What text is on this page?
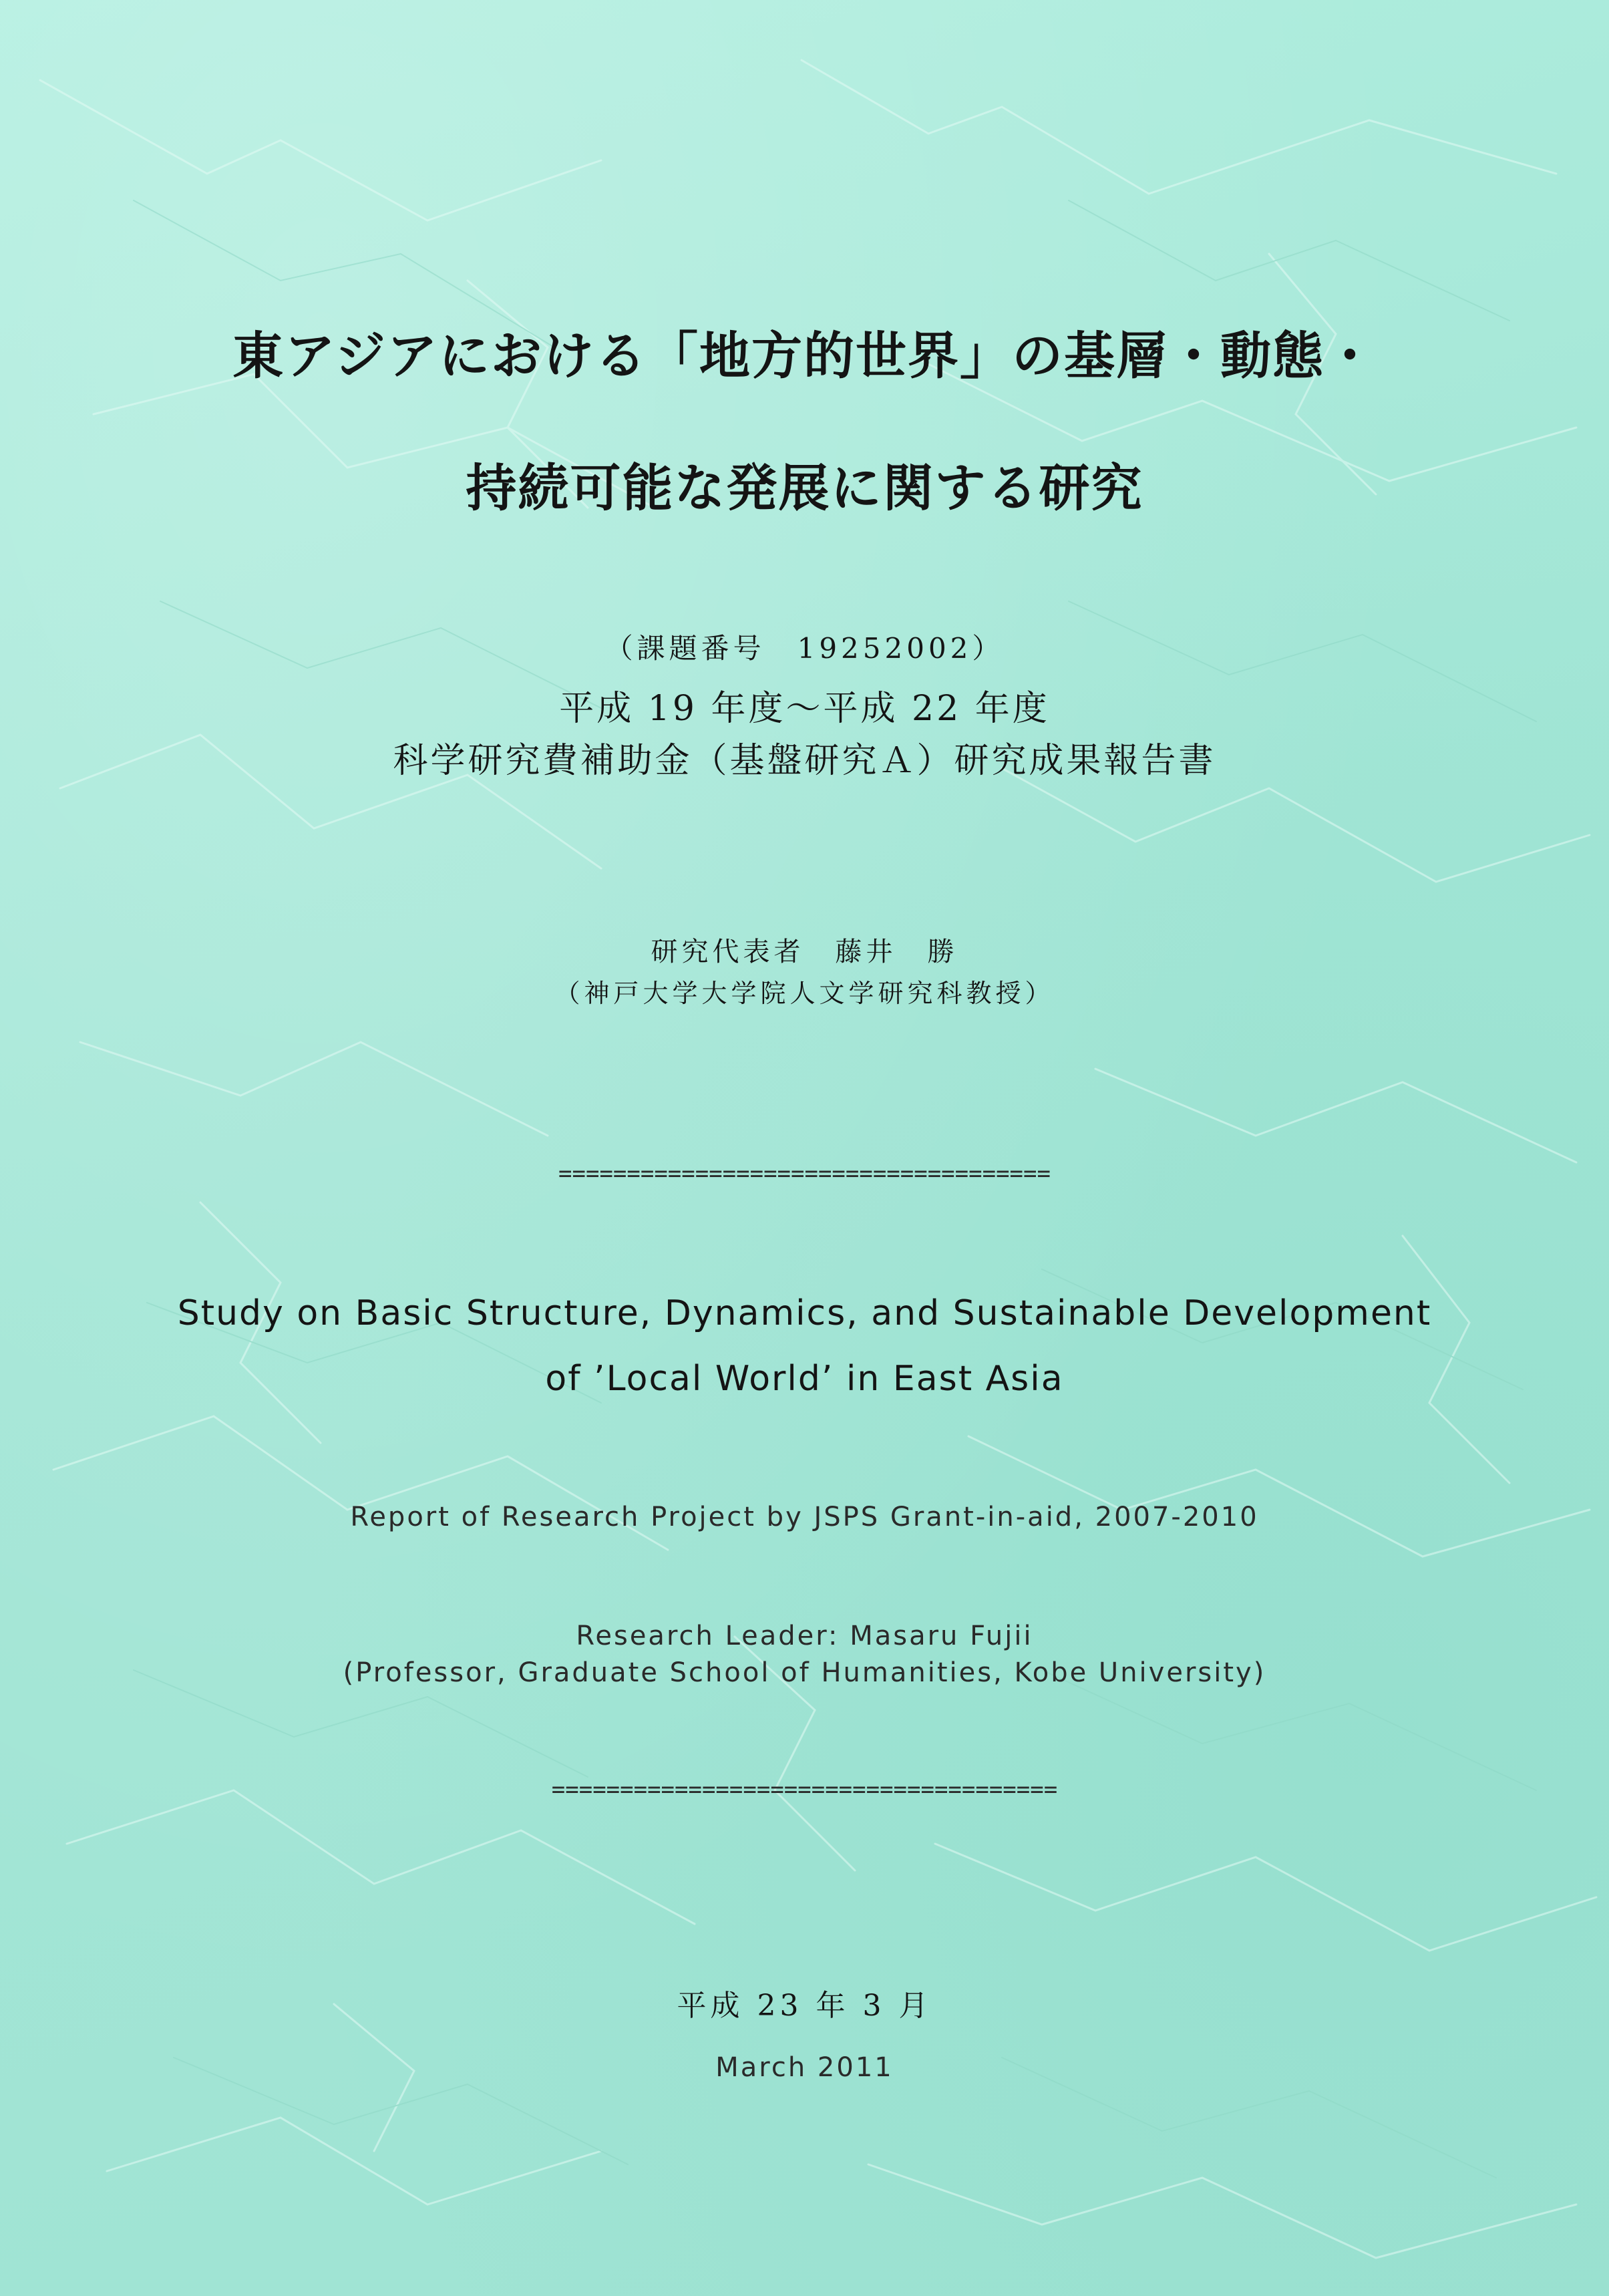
東アジアにおける「地方的世界」の基層・動態・
持続可能な発展に関する研究
（課題番号　19252002）
平成 19 年度～平成 22 年度
科学研究費補助金（基盤研究Ａ）研究成果報告書
研究代表者　藤井　勝
（神戸大学大学院人文学研究科教授）
====================================
Study on Basic Structure, Dynamics, and Sustainable Development
of ’Local World’ in East Asia
Report of Research Project by JSPS Grant-in-aid, 2007-2010
Research Leader: Masaru Fujii
(Professor, Graduate School of Humanities, Kobe University)
=====================================
平成 23 年 3 月
March 2011
